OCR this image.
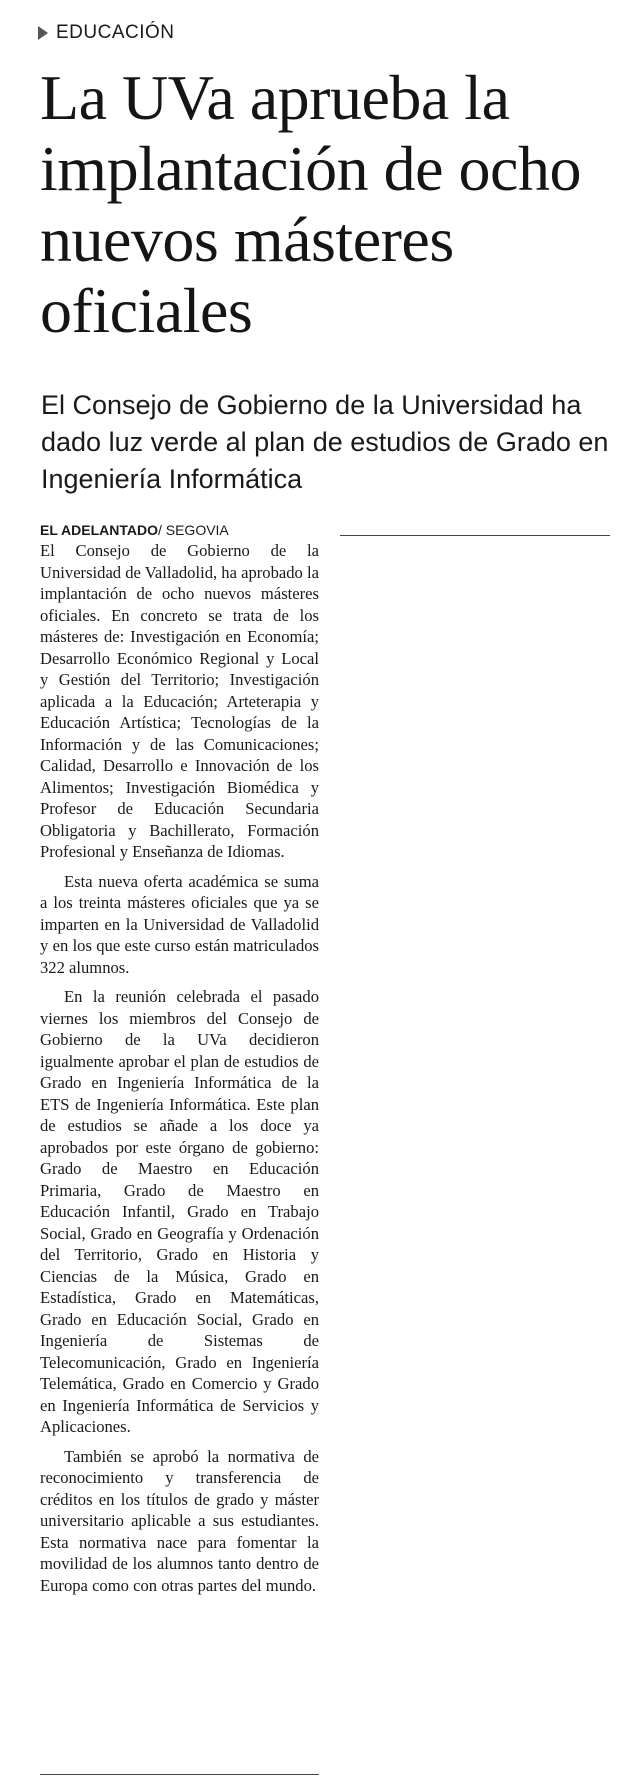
EDUCACIÓN
La UVa aprueba la implantación de ocho nuevos másteres oficiales
El Consejo de Gobierno de la Universidad ha dado luz verde al plan de estudios de Grado en Ingeniería Informática
EL ADELANTADO/ SEGOVIA

El Consejo de Gobierno de la Universidad de Valladolid, ha aprobado la implantación de ocho nuevos másteres oficiales. En concreto se trata de los másteres de: Investigación en Economía; Desarrollo Económico Regional y Local y Gestión del Territorio; Investigación aplicada a la Educación; Arteterapia y Educación Artística; Tecnologías de la Información y de las Comunicaciones; Calidad, Desarrollo e Innovación de los Alimentos; Investigación Biomédica y Profesor de Educación Secundaria Obligatoria y Bachillerato, Formación Profesional y Enseñanza de Idiomas.

Esta nueva oferta académica se suma a los treinta másteres oficiales que ya se imparten en la Universidad de Valladolid y en los que este curso están matriculados 322 alumnos.

En la reunión celebrada el pasado viernes los miembros del Consejo de Gobierno de la UVa decidieron igualmente aprobar el plan de estudios de Grado en Ingeniería Informática de la ETS de Ingeniería Informática. Este plan de estudios se añade a los doce ya aprobados por este órgano de gobierno: Grado de Maestro en Educación Primaria, Grado de Maestro en Educación Infantil, Grado en Trabajo Social, Grado en Geografía y Ordenación del Territorio, Grado en Historia y Ciencias de la Música, Grado en Estadística, Grado en Matemáticas, Grado en Educación Social, Grado en Ingeniería de Sistemas de Telecomunicación, Grado en Ingeniería Telemática, Grado en Comercio y Grado en Ingeniería Informática de Servicios y Aplicaciones.

También se aprobó la normativa de reconocimiento y transferencia de créditos en los títulos de grado y máster universitario aplicable a sus estudiantes. Esta normativa nace para fomentar la movilidad de los alumnos tanto dentro de Europa como con otras partes del mundo.
